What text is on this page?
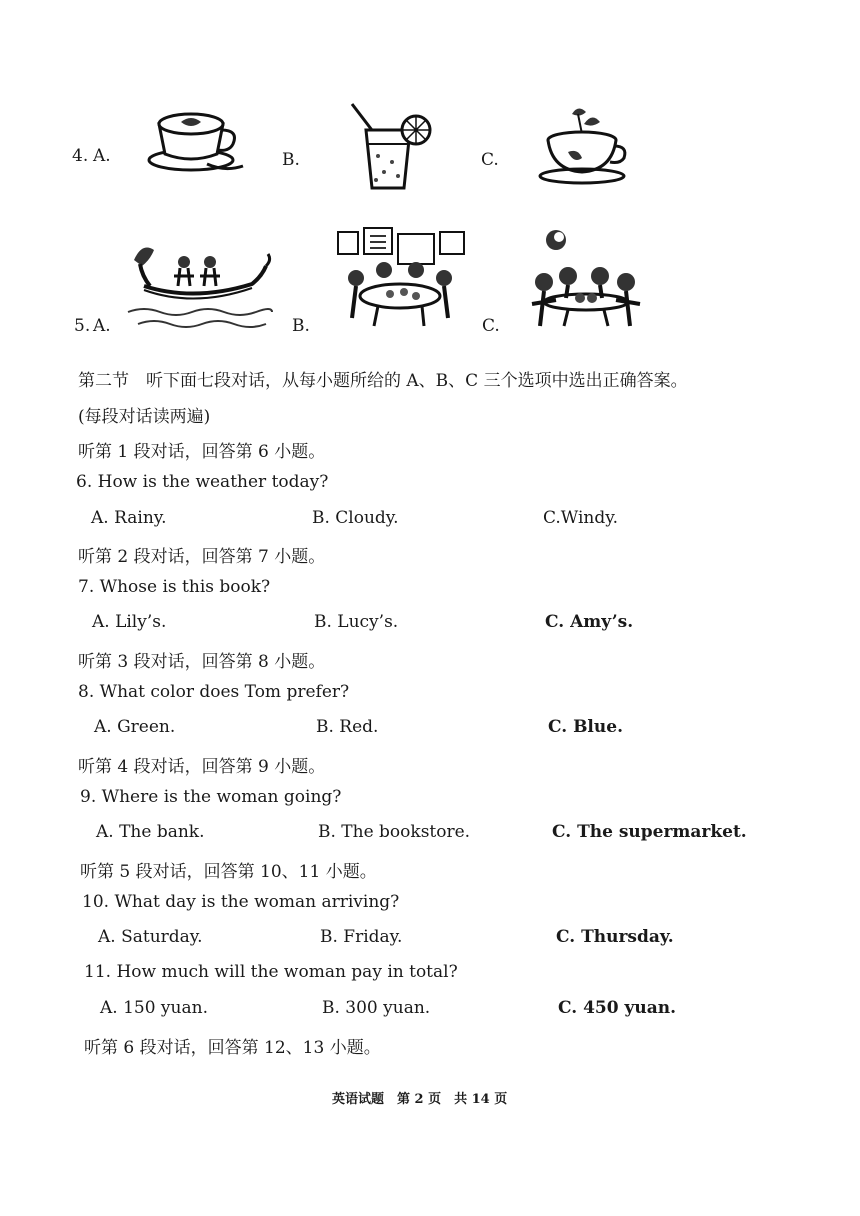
4. A.	B.	C.
5. A.	B.	C.
第二节　听下面七段对话，从每小题所给的 A、B、C 三个选项中选出正确答案。
(每段对话读两遍)
听第 1 段对话，回答第 6 小题。
6. How is the weather today?
A. Rainy.	B. Cloudy.	C.Windy.
听第 2 段对话，回答第 7 小题。
7. Whose is this book?
A. Lily’s.	B. Lucy’s.	C. Amy’s.
听第 3 段对话，回答第 8 小题。
8. What color does Tom prefer?
A. Green.	B. Red.	C. Blue.
听第 4 段对话，回答第 9 小题。
9. Where is the woman going?
A. The bank.	B. The bookstore.	C. The supermarket.
听第 5 段对话，回答第 10、11 小题。
10. What day is the woman arriving?
A. Saturday.	B. Friday.	C. Thursday.
11. How much will the woman pay in total?
A. 150 yuan.	B. 300 yuan.	C. 450 yuan.
听第 6 段对话，回答第 12、13 小题。
英语试题　第 2 页　共 14 页
